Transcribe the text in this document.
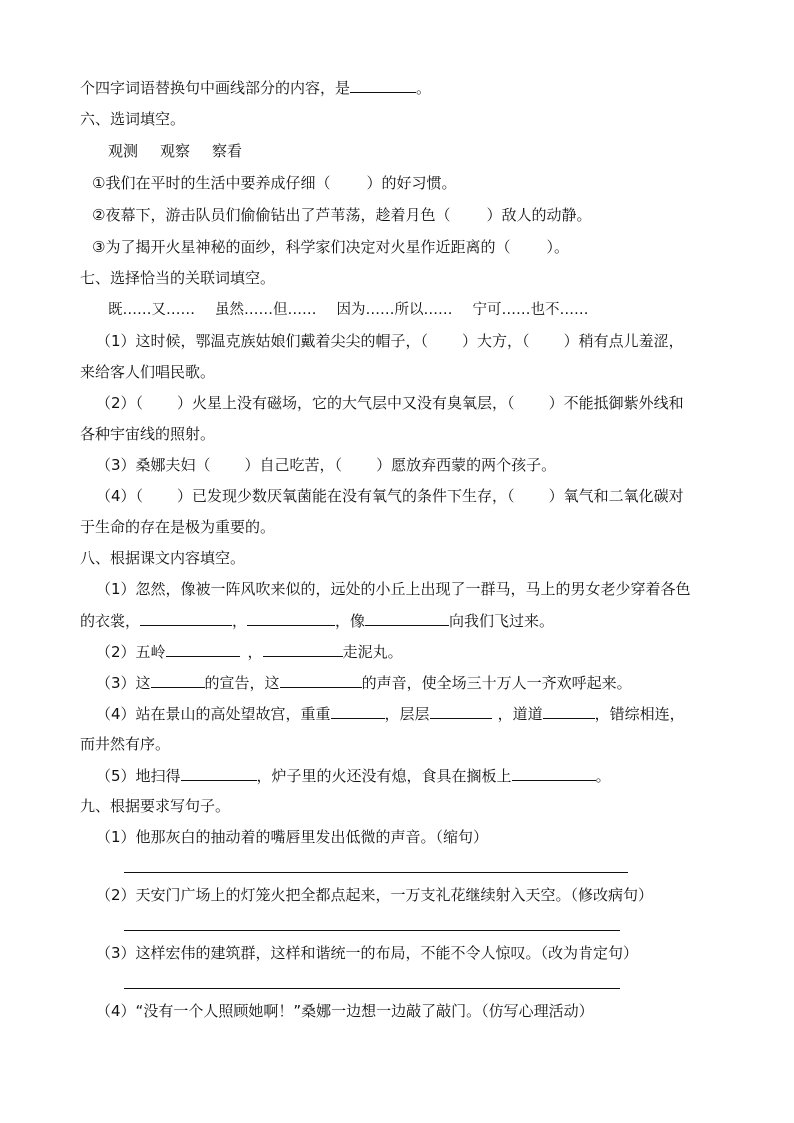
个四字词语替换句中画线部分的内容，是	。
六、选词填空。
观测 观察 察看
①我们在平时的生活中要养成仔细（ ）的好习惯。
②夜幕下，游击队员们偷偷钻出了芦苇荡，趁着月色（ ）敌人的动静。
③为了揭开火星神秘的面纱，科学家们决定对火星作近距离的（ ）。
七、选择恰当的关联词填空。
既……又…… 虽然……但…… 因为……所以…… 宁可……也不……
（1）这时候，鄂温克族姑娘们戴着尖尖的帽子，（ ）大方，（ ）稍有点儿羞涩，
来给客人们唱民歌。
（2）（ ）火星上没有磁场，它的大气层中又没有臭氧层，（ ）不能抵御紫外线和
各种宇宙线的照射。
（3）桑娜夫妇（ ）自己吃苦，（ ）愿放弃西蒙的两个孩子。
（4）（ ）已发现少数厌氧菌能在没有氧气的条件下生存，（ ）氧气和二氧化碳对
于生命的存在是极为重要的。
八、根据课文内容填空。
（1）忽然，像被一阵风吹来似的，远处的小丘上出现了一群马，马上的男女老少穿着各色
的衣裳，	，	，像	向我们飞过来。
（2）五岭	，	走泥丸。
（3）这	的宣告，这	的声音，使全场三十万人一齐欢呼起来。
（4）站在景山的高处望故宫，重重	，层层	，道道	，错综相连，
而井然有序。
（5）地扫得	，炉子里的火还没有熄，食具在搁板上	。
九、根据要求写句子。
（1）他那灰白的抽动着的嘴唇里发出低微的声音。（缩句）
（2）天安门广场上的灯笼火把全都点起来，一万支礼花继续射入天空。（修改病句）
（3）这样宏伟的建筑群，这样和谐统一的布局，不能不令人惊叹。（改为肯定句）
（4）“没有一个人照顾她啊！”桑娜一边想一边敲了敲门。（仿写心理活动）
